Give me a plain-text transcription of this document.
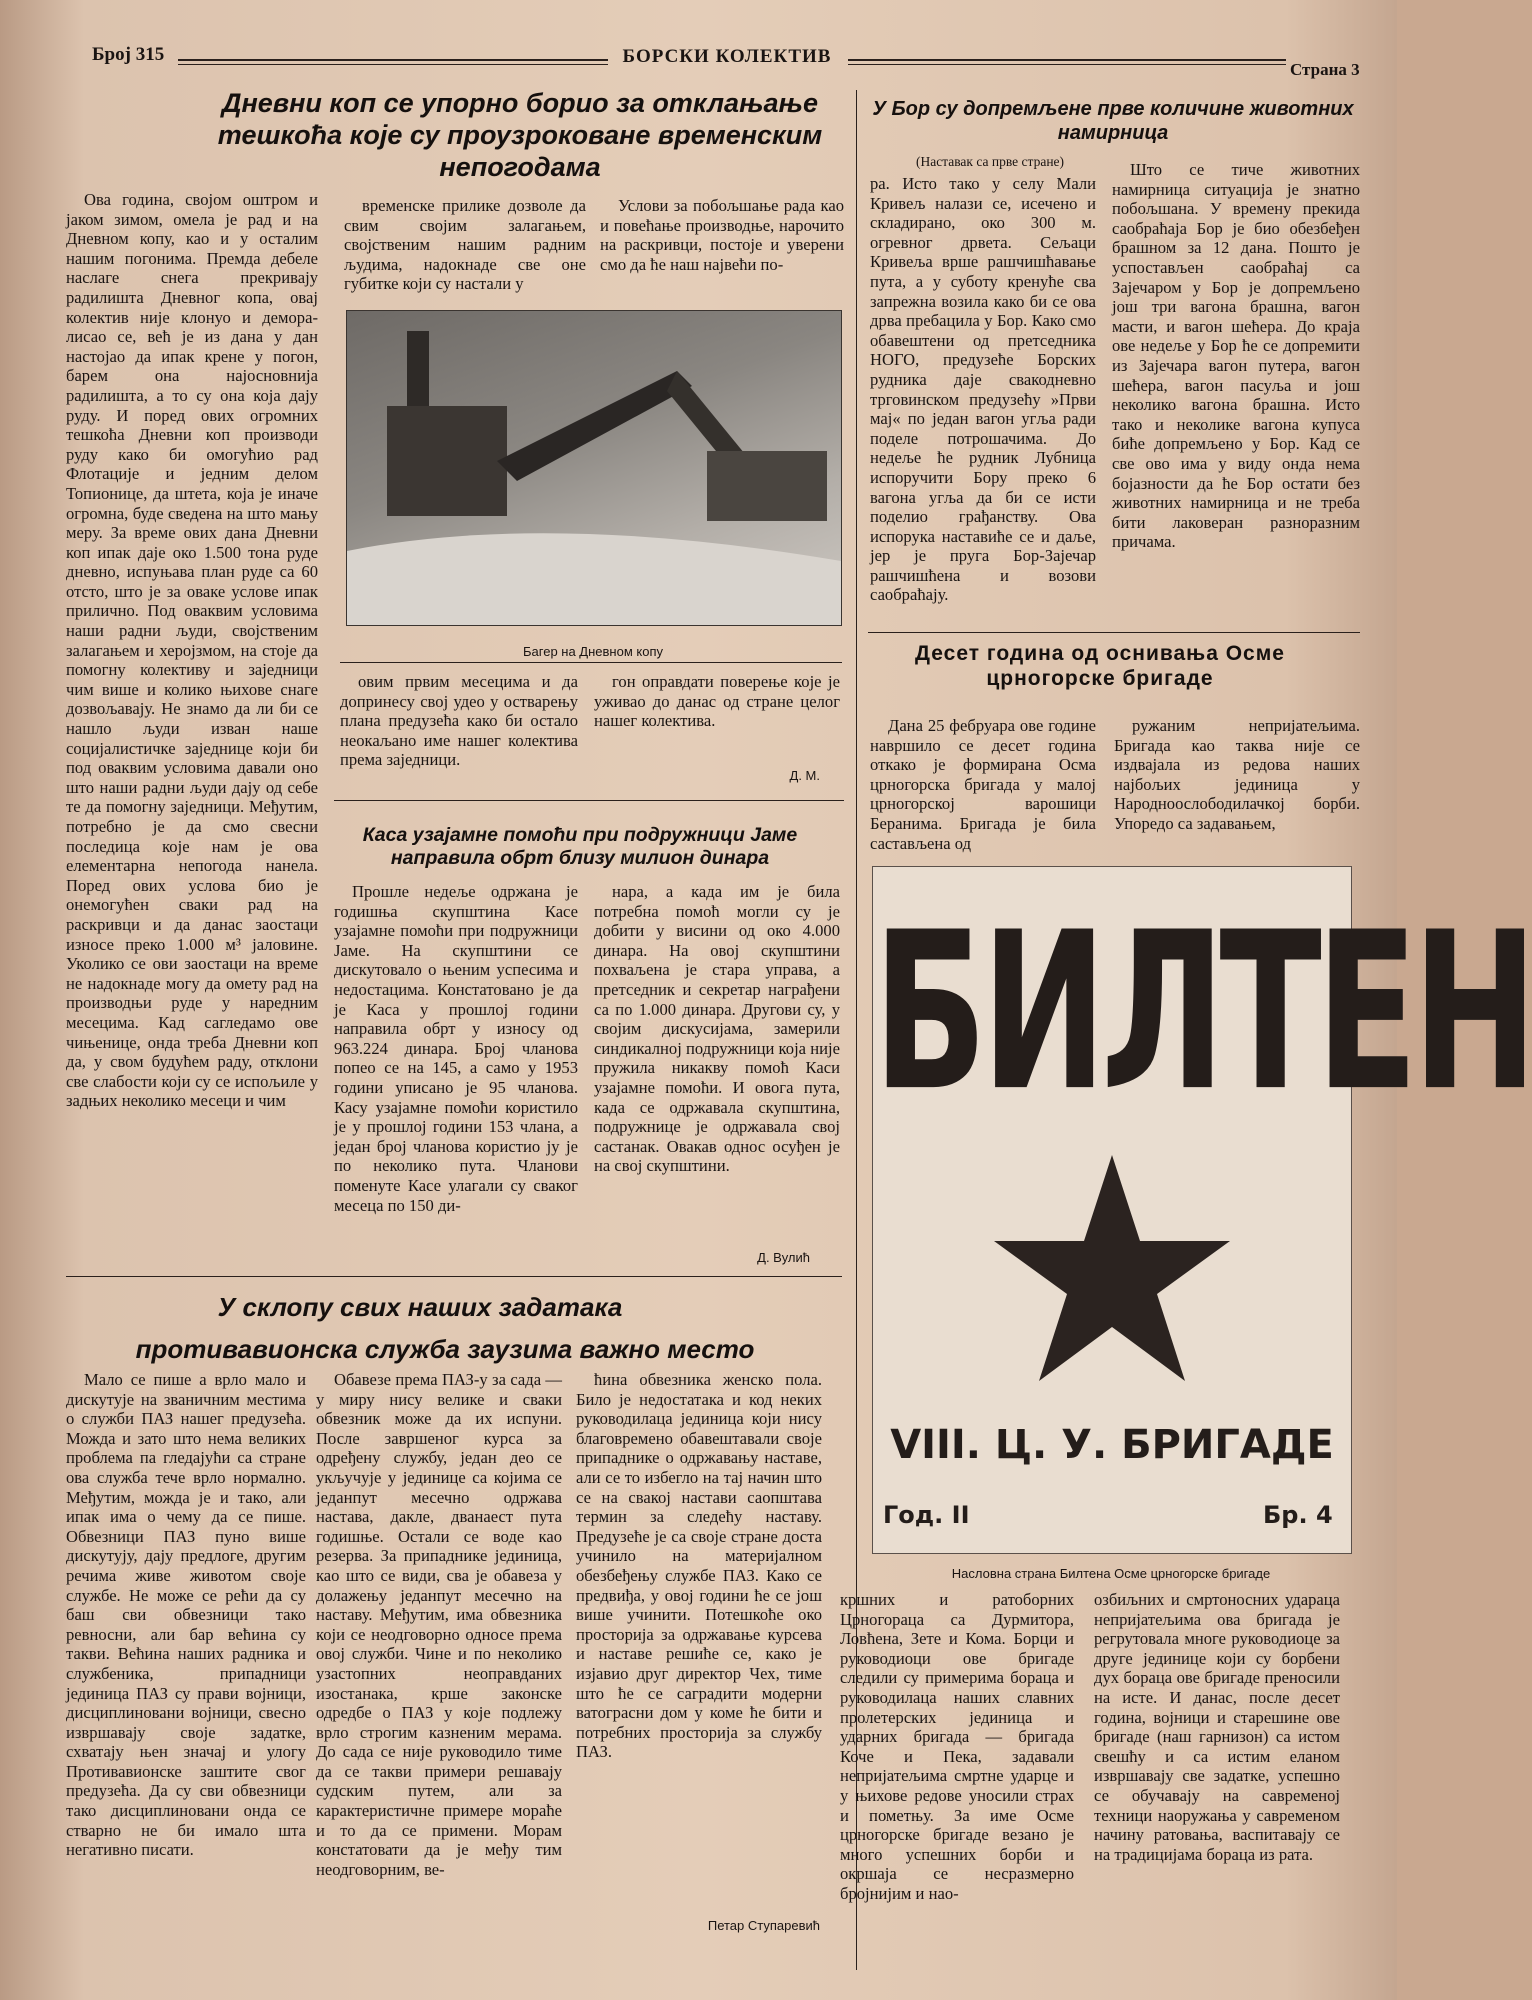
Број 315	БОРСКИ КОЛЕКТИВ
Страна 3
Дневни коп се упорно борио за отклањање тешкоћа које су проузроковане временским непогодама

Ова година, својом оштром и јаком зимом, омела је рад и на Дневном копу, као и у осталим нашим погонима. Премда дебеле наслаге снега прекривају радилишта Дневног копа, овај колектив није клонуо и деморалисао се, већ је из дана у дан настојао да ипак крене у погон, барем она најосновнија радилишта, а то су она која дају руду. И поред ових огромних тешкоћа Дневни коп производи руду како би омогућио рад Флотације и једним делом Топионице, да штета, која је иначе огромна, буде сведена на што мању меру. За време ових дана Дневни коп ипак даје око 1.500 тона руде дневно, испуњава план руде са 60 отсто, што је за оваке услове ипак прилично. Под оваквим условима наши радни људи, својственим залагањем и херојзмом, на стоје да помогну колективу и заједници чим више и колико њихове снаге дозвољавају. Не знамо да ли би се нашло људи изван наше социјалистичке заједнице који би под оваквим условима давали оно што наши радни људи дају од себе те да помогну заједници. Међутим, потребно је да смо свесни последица које нам је ова елементарна непогода нанела. Поред ових услова био је онемогућен сваки рад на раскривци и да данас заостаци износе преко 1.000 м³ јаловине. Уколико се ови заостаци на време не надокнаде могу да омету рад на производњи руде у наредним месецима. Кад сагледамо ове чињенице, онда треба Дневни коп да, у свом будућем раду, отклони све слабости који су се испољиле у задњих неколико месеци и чим

временске прилике дозволе да свим својим залагањем, својственим нашим радним људима, надокнаде све оне губитке који су настали у

Услови за побољшање рада као и повећање производње, нарочито на раскривци, постоје и уверени смо да ће наш највећи по-

Багер на Дневном копу

овим првим месецима и да допринесу свој удео у остварењу плана предузећа како би остало неокаљано име нашег колектива према заједници.

гон оправдати поверење које је уживао до данас од стране целог нашег колектива.

Д. М.
Каса узајамне помоћи при подружници Јаме направила обрт близу милион динара

Прошле недеље одржана је годишња скупштина Касе узајамне помоћи при подружници Јаме. На скупштини се дискутовало о њеним успесима и недостацима. Констатовано је да је Каса у прошлој години направила обрт у износу од 963.224 динара. Број чланова попео се на 145, а само у 1953 години уписано је 95 чланова. Касу узајамне помоћи користило је у прошлој години 153 члана, а један број чланова користио ју је по неколико пута. Чланови поменуте Касе улагали су сваког месеца по 150 ди-

нара, а када им је била потребна помоћ могли су је добити у висини од око 4.000 динара. На овој скупштини похваљена је стара управа, а претседник и секретар награђени са по 1.000 динара. Другови су, у својим дискусијама, замерили синдикалној подружници која није пружила никакву помоћ Каси узајамне помоћи. И овога пута, када се одржавала скупштина, подружнице је одржавала свој састанак. Овакав однос осуђен је на свој скупштини.

Д. Вулић
У склопу свих наших задатака
противавионска служба заузима важно место

Мало се пише а врло мало и дискутује на званичним местима о служби ПАЗ нашег предузећа. Можда и зато што нема великих проблема па гледајући са стране ова служба тече врло нормално. Међутим, можда је и тако, али ипак има о чему да се пише. Обвезници ПАЗ пуно више дискутују, дају предлоге, другим речима живе животом своје службе. Не може се рећи да су баш сви обвезници тако ревносни, али бар већина су такви. Већина наших радника и службеника, припадници јединица ПАЗ су прави војници, дисциплиновани војници, свесно извршавају своје задатке, схватају њен значај и улогу Противавионске заштите свог предузећа. Да су сви обвезници тако дисциплиновани онда се стварно не би имало шта негативно писати.

Обавезе према ПАЗ-у за сада — у миру нису велике и сваки обвезник може да их испуни. После завршеног курса за одређену службу, један део се укључује у јединице са којима се једанпут месечно одржава настава, дакле, дванаест пута годишње. Остали се воде као резерва. За припаднике јединица, као што се види, сва је обавеза у долажењу једанпут месечно на наставу. Међутим, има обвезника који се неодговорно односе према овој служби. Чине и по неколико узастопних неоправданих изостанака, крше законске одредбе о ПАЗ у које подлежу врло строгим казненим мерама. До сада се није руководило тиме да се такви примери решавају судским путем, али за карактеристичне примере мораће и то да се примени. Морам констатовати да је међу тим неодговорним, ве-

ћина обвезника женско пола. Било је недостатака и код неких руководилаца јединица који нису благовремено обавештавали своје припаднике о одржавању наставе, али се то избегло на тај начин што се на свакој настави саопштава термин за следећу наставу. Предузеће је са своје стране доста учинило на материјалном обезбеђењу службе ПАЗ. Како се предвиђа, у овој години ће се још више учинити. Потешкоће око просторија за одржавање курсева и наставе решиће се, како је изјавио друг директор Чех, тиме што ће се саградити модерни ватограсни дом у коме ће бити и потребних просторија за службу ПАЗ.

Петар Ступаревић
У Бор су допремљене прве количине животних намирница
(Наставак са прве стране)

ра. Исто тако у селу Мали Кривељ налази се, исечено и складирано, око 300 м. огревног дрвета. Сељаци Кривеља врше рашчишћавање пута, а у суботу кренуће сва запрежна возила како би се ова дрва пребацила у Бор. Како смо обавештени од претседника НОГО, предузеће Борских рудника даје свакодневно трговинском предузећу »Први мај« по један вагон угља ради поделе потрошачима. До недеље ће рудник Лубница испоручити Бору преко 6 вагона угља да би се исти поделио грађанству. Ова испорука наставиће се и даље, јер је пруга Бор-Зајечар рашчишћена и возови саобраћају.

Што се тиче животних намирница ситуација је знатно побољшана. У времену прекида саобраћаја Бор је био обезбеђен брашном за 12 дана. Пошто је успостављен саобраћај са Зајечаром у Бор је допремљено још три вагона брашна, вагон масти, и вагон шећера. До краја ове недеље у Бор ће се допремити из Зајечара вагон путера, вагон шећера, вагон пасуља и још неколико вагона брашна. Исто тако и неколике вагона купуса биће допремљено у Бор. Кад се све ово има у виду онда нема бојазности да ће Бор остати без животних намирница и не треба бити лаковеран разноразним причама.

Десет година од оснивања Осме црногорске бригаде

Дана 25 фебруара ове године навршило се десет година откако је формирана Осма црногорска бригада у малој црногорској варошици Беранима. Бригада је била састављена од

ружаним непријатељима. Бригада као таква није се издвајала из редова наших најбољих јединица у Народноослободилачкој борби. Упоредо са задавањем,

БИЛТЕН
VIII. Ц. У. БРИГАДЕ
Год. II	Бр. 4
Насловна страна Билтена Осме црногорске бригаде

кршних и ратоборних Црногораца са Дурмитора, Ловћена, Зете и Кома. Борци и руководиоци ове бригаде следили су примерима бораца и руководилаца наших славних пролетерских јединица и ударних бригада — бригада Коче и Пека, задавали непријатељима смртне ударце и у њихове редове уносили страх и пометњу. За име Осме црногорске бригаде везано је много успешних борби и окршаја се несразмерно бројнијим и нао-

озбиљних и смртоносних удараца непријатељима ова бригада је регрутовала многе руководиоце за друге јединице који су борбени дух бораца ове бригаде преносили на исте. И данас, после десет година, војници и старешине ове бригаде (наш гарнизон) са истом свешћу и са истим еланом извршавају све задатке, успешно се обучавају на савременој техници наоружања у савременом начину ратовања, васпитавају се на традицијама бораца из рата.
